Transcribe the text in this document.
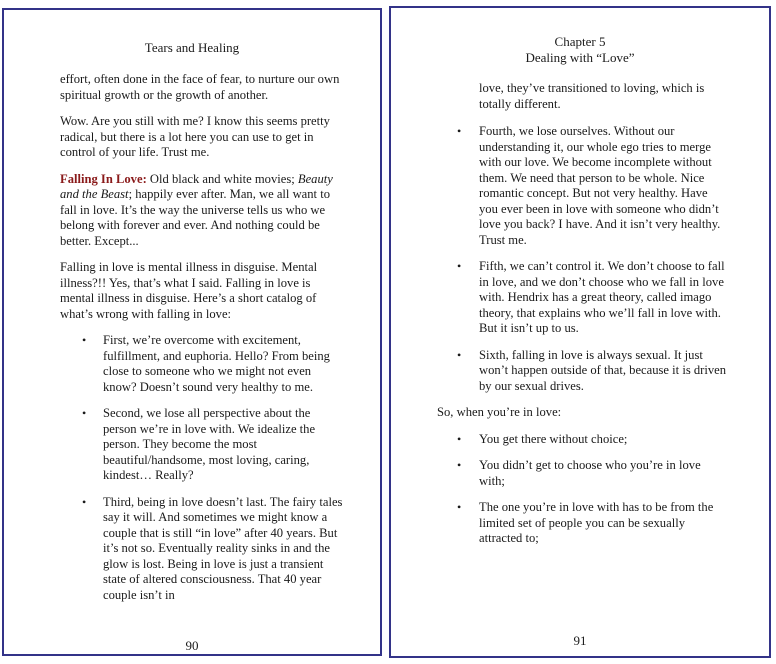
Tears and Healing

effort, often done in the face of fear, to nurture our own spiritual growth or the growth of another.

Wow. Are you still with me? I know this seems pretty radical, but there is a lot here you can use to get in control of your life. Trust me.

Falling In Love: Old black and white movies; Beauty and the Beast; happily ever after. Man, we all want to fall in love. It’s the way the universe tells us who we belong with forever and ever. And nothing could be better. Except...

Falling in love is mental illness in disguise. Mental illness?!! Yes, that’s what I said. Falling in love is mental illness in disguise. Here’s a short catalog of what’s wrong with falling in love:

• First, we’re overcome with excitement, fulfillment, and euphoria. Hello? From being close to someone who we might not even know? Doesn’t sound very healthy to me.
• Second, we lose all perspective about the person we’re in love with. We idealize the person. They become the most beautiful/handsome, most loving, caring, kindest… Really?
• Third, being in love doesn’t last. The fairy tales say it will. And sometimes we might know a couple that is still “in love” after 40 years. But it’s not so. Eventually reality sinks in and the glow is lost. Being in love is just a transient state of altered consciousness. That 40 year couple isn’t in
90
Chapter 5
Dealing with “Love”
love, they’ve transitioned to loving, which is totally different.
• Fourth, we lose ourselves. Without our understanding it, our whole ego tries to merge with our love. We become incomplete without them. We need that person to be whole. Nice romantic concept. But not very healthy. Have you ever been in love with someone who didn’t love you back? I have. And it isn’t very healthy. Trust me.
• Fifth, we can’t control it. We don’t choose to fall in love, and we don’t choose who we fall in love with. Hendrix has a great theory, called imago theory, that explains who we’ll fall in love with. But it isn’t up to us.
• Sixth, falling in love is always sexual. It just won’t happen outside of that, because it is driven by our sexual drives.

So, when you’re in love:

• You get there without choice;
• You didn’t get to choose who you’re in love with;
• The one you’re in love with has to be from the limited set of people you can be sexually attracted to;
91
